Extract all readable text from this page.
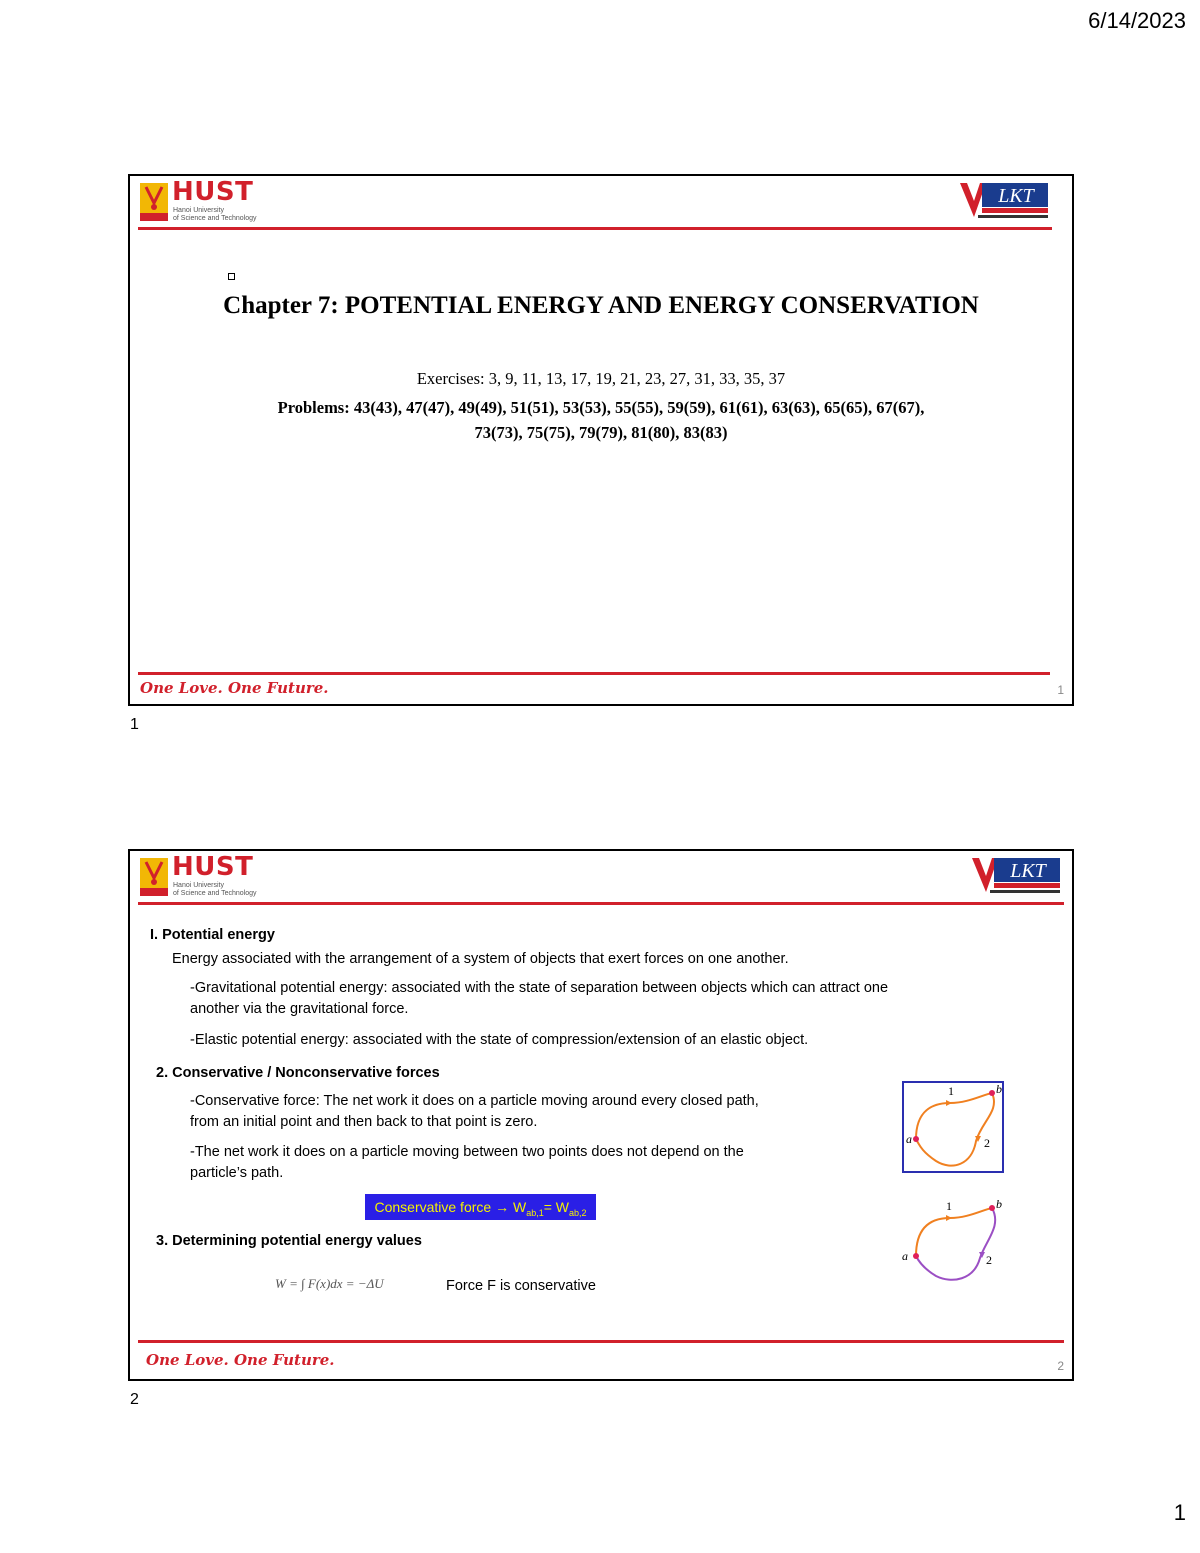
6/14/2023
HUST
Hanoi University
of Science and Technology
LKT
Chapter 7: POTENTIAL ENERGY AND ENERGY CONSERVATION
Exercises: 3, 9, 11, 13, 17, 19, 21, 23, 27, 31, 33, 35, 37
Problems: 43(43), 47(47), 49(49), 51(51), 53(53), 55(55), 59(59), 61(61), 63(63), 65(65), 67(67),
73(73), 75(75), 79(79), 81(80), 83(83)
One Love. One Future.	1
1
HUST
Hanoi University
of Science and Technology
LKT
I. Potential energy
Energy associated with the arrangement of a system of objects that exert forces on one another.
-Gravitational potential energy: associated with the state of separation between objects which can attract one
another via the gravitational force.
-Elastic potential energy: associated with the state of compression/extension of an elastic object.
2. Conservative / Nonconservative forces
-Conservative force: The net work it does on a particle moving around every closed path,
from an initial point and then back to that point is zero.
-The net work it does on a particle moving between two points does not depend on the
particle’s path.
Conservative force → $W_{ab,1}= W_{ab,2}$
3. Determining potential energy values
W = ∫ F(x)dx = −ΔU	Force F is conservative
1
2
a
b
1
2
a
b
One Love. One Future.	2
2
1
